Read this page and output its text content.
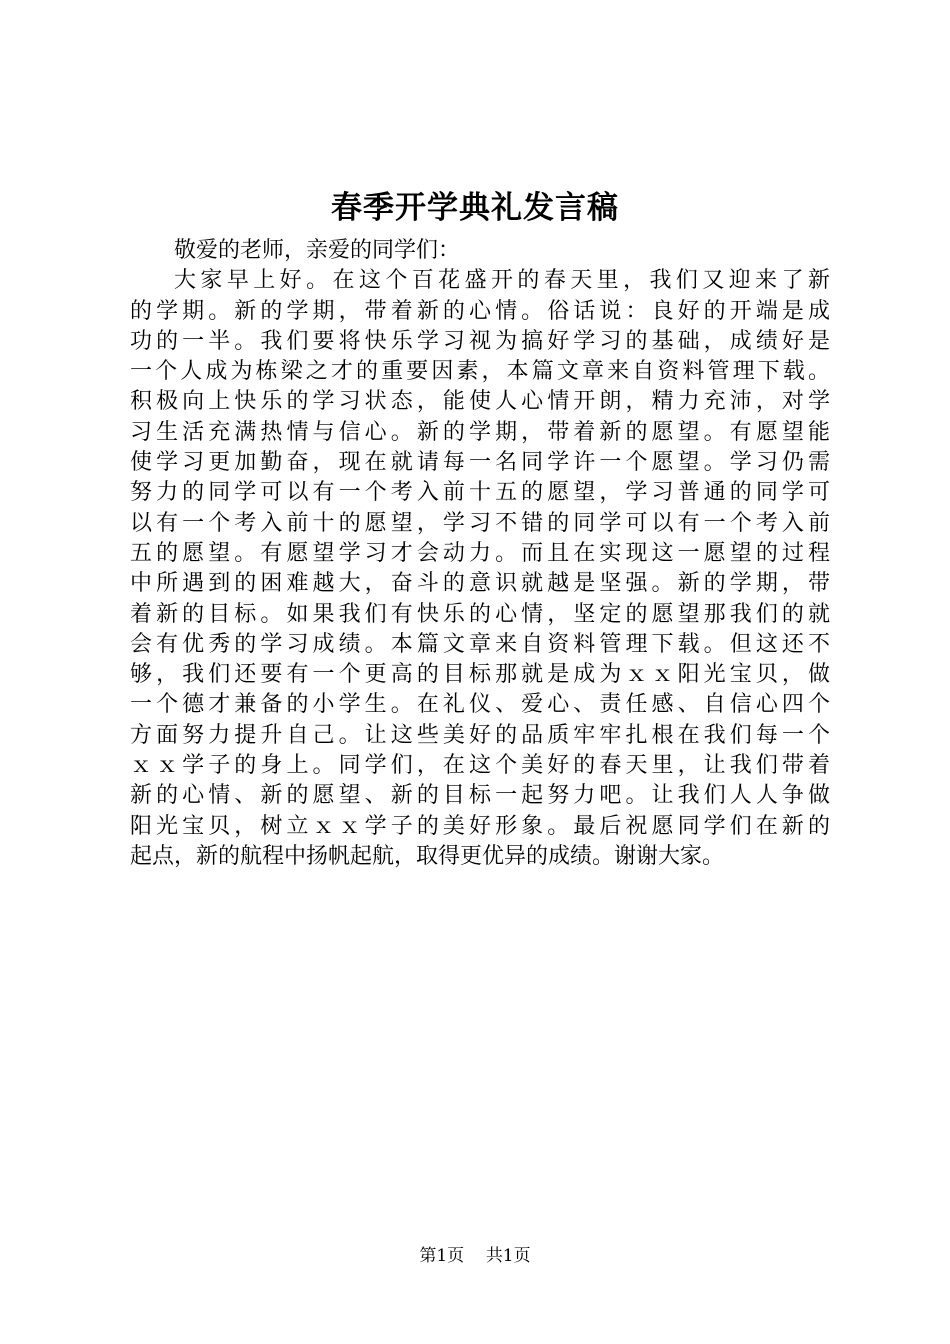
春季开学典礼发言稿
敬爱的老师，亲爱的同学们：
大家早上好。在这个百花盛开的春天里，我们又迎来了新
的学期。新的学期，带着新的心情。俗话说：良好的开端是成
功的一半。我们要将快乐学习视为搞好学习的基础，成绩好是
一个人成为栋梁之才的重要因素，本篇文章来自资料管理下载。
积极向上快乐的学习状态，能使人心情开朗，精力充沛，对学
习生活充满热情与信心。新的学期，带着新的愿望。有愿望能
使学习更加勤奋，现在就请每一名同学许一个愿望。学习仍需
努力的同学可以有一个考入前十五的愿望，学习普通的同学可
以有一个考入前十的愿望，学习不错的同学可以有一个考入前
五的愿望。有愿望学习才会动力。而且在实现这一愿望的过程
中所遇到的困难越大，奋斗的意识就越是坚强。新的学期，带
着新的目标。如果我们有快乐的心情，坚定的愿望那我们的就
会有优秀的学习成绩。本篇文章来自资料管理下载。但这还不
够，我们还要有一个更高的目标那就是成为ｘｘ阳光宝贝，做
一个德才兼备的小学生。在礼仪、爱心、责任感、自信心四个
方面努力提升自己。让这些美好的品质牢牢扎根在我们每一个
ｘｘ学子的身上。同学们，在这个美好的春天里，让我们带着
新的心情、新的愿望、新的目标一起努力吧。让我们人人争做
阳光宝贝，树立ｘｘ学子的美好形象。最后祝愿同学们在新的
起点，新的航程中扬帆起航，取得更优异的成绩。谢谢大家。
第1页 共1页
